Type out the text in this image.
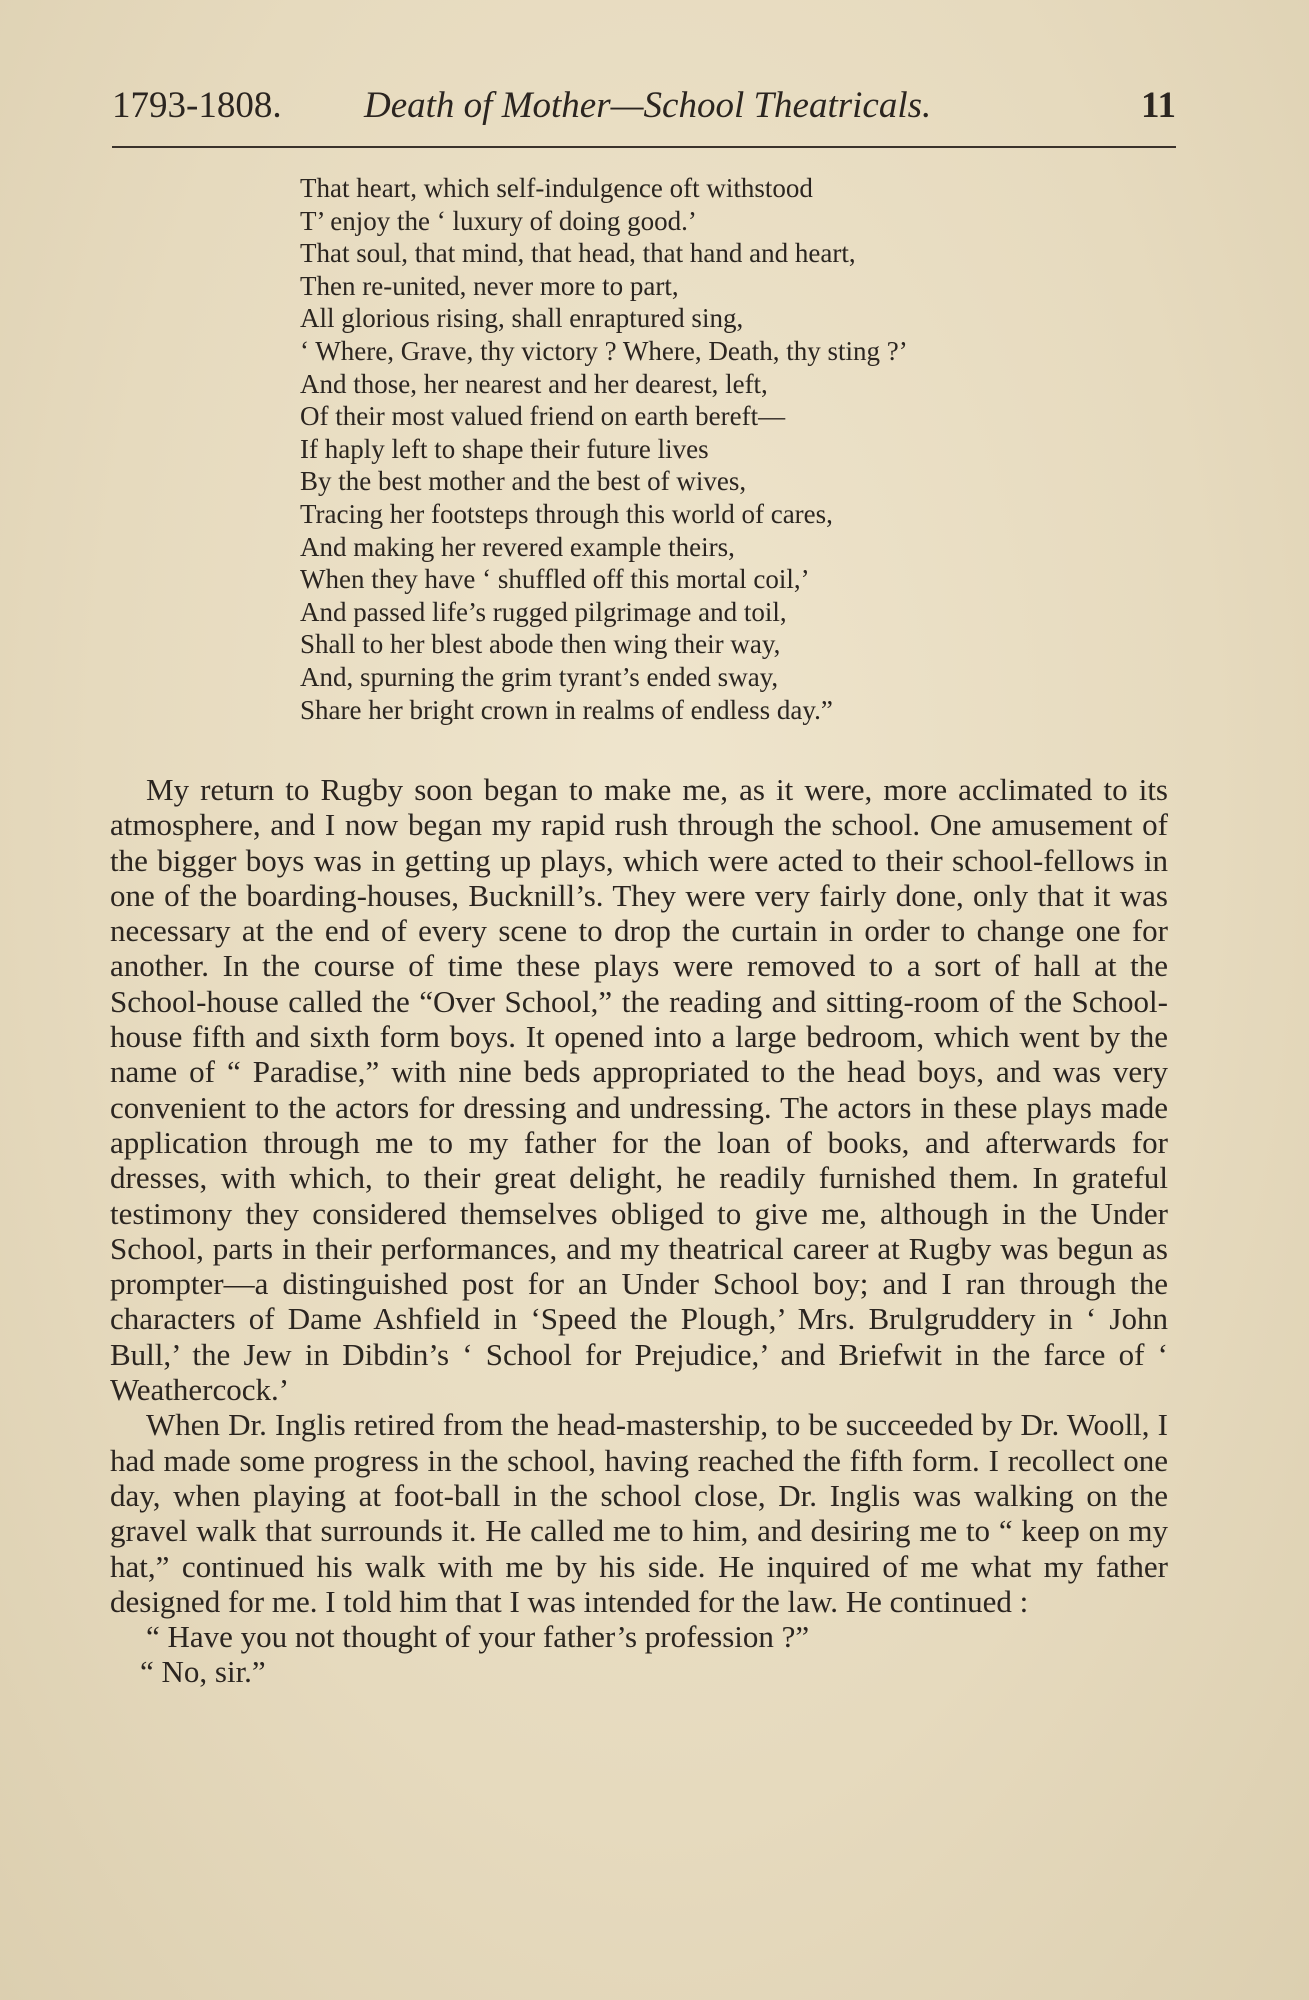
1793-1808. Death of Mother—School Theatricals.	11
That heart, which self-indulgence oft withstood
T’ enjoy the ‘ luxury of doing good.’
That soul, that mind, that head, that hand and heart,
Then re-united, never more to part,
All glorious rising, shall enraptured sing,
‘ Where, Grave, thy victory ? Where, Death, thy sting ?’
And those, her nearest and her dearest, left,
Of their most valued friend on earth bereft—
If haply left to shape their future lives
By the best mother and the best of wives,
Tracing her footsteps through this world of cares,
And making her revered example theirs,
When they have ‘ shuffled off this mortal coil,’
And passed life’s rugged pilgrimage and toil,
Shall to her blest abode then wing their way,
And, spurning the grim tyrant’s ended sway,
Share her bright crown in realms of endless day.”

My return to Rugby soon began to make me, as it were, more acclimated to its atmosphere, and I now began my rapid rush through the school. One amusement of the bigger boys was in getting up plays, which were acted to their school-fellows in one of the boarding-houses, Bucknill’s. They were very fairly done, only that it was necessary at the end of every scene to drop the curtain in order to change one for another. In the course of time these plays were removed to a sort of hall at the School-house called the “Over School,” the reading and sitting-room of the School-house fifth and sixth form boys. It opened into a large bedroom, which went by the name of “ Paradise,” with nine beds appropriated to the head boys, and was very convenient to the actors for dressing and undressing. The actors in these plays made application through me to my father for the loan of books, and afterwards for dresses, with which, to their great delight, he readily furnished them. In grateful testimony they considered themselves obliged to give me, although in the Under School, parts in their performances, and my theatrical career at Rugby was begun as prompter—a distinguished post for an Under School boy; and I ran through the characters of Dame Ashfield in ‘Speed the Plough,’ Mrs. Brulgruddery in ‘ John Bull,’ the Jew in Dibdin’s ‘ School for Prejudice,’ and Briefwit in the farce of ‘ Weathercock.’

When Dr. Inglis retired from the head-mastership, to be succeeded by Dr. Wooll, I had made some progress in the school, having reached the fifth form. I recollect one day, when playing at foot-ball in the school close, Dr. Inglis was walking on the gravel walk that surrounds it. He called me to him, and desiring me to “ keep on my hat,” continued his walk with me by his side. He inquired of me what my father designed for me. I told him that I was intended for the law. He continued :

“ Have you not thought of your father’s profession ?”

“ No, sir.”
